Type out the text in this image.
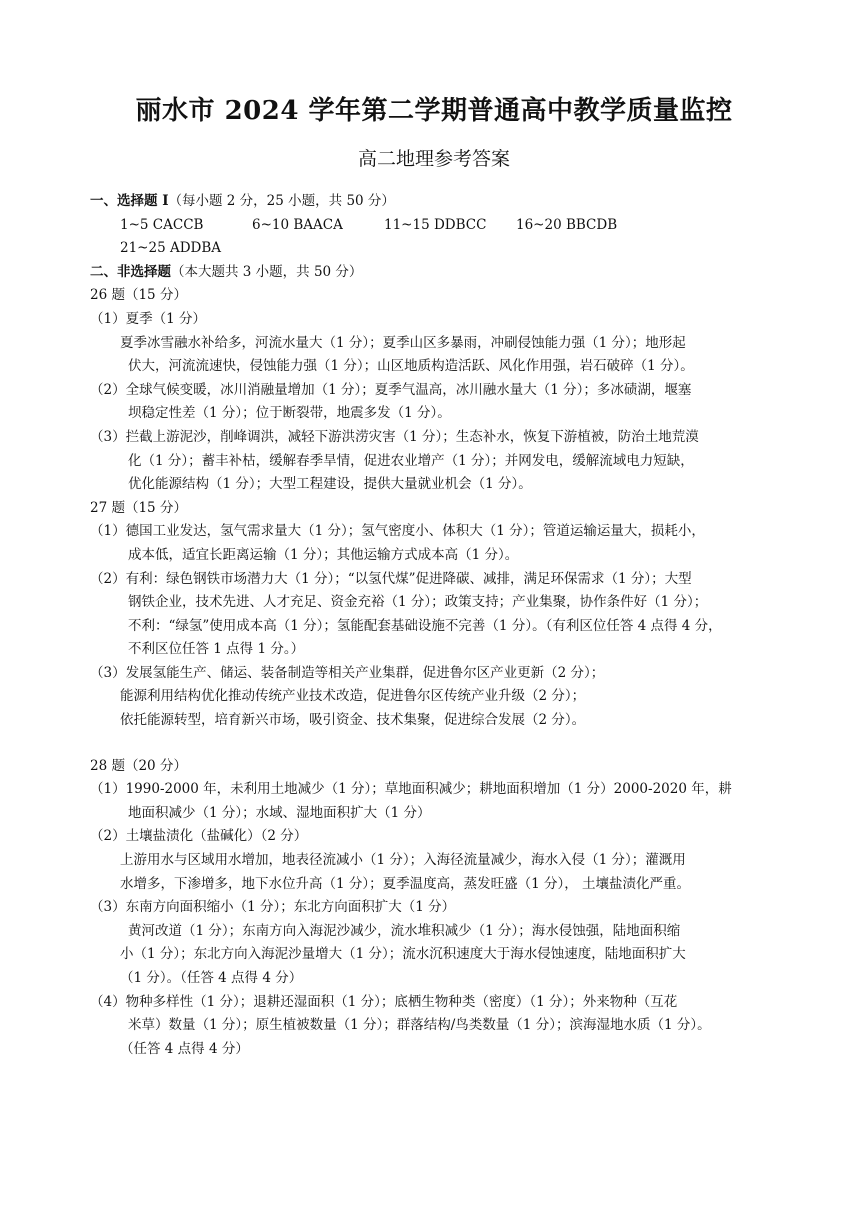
丽水市 2024 学年第二学期普通高中教学质量监控
高二地理参考答案
一、选择题 I（每小题 2 分，25 小题，共 50 分）
1~5 CACCB	6~10 BAACA	11~15 DDBCC	16~20 BBCDB
21~25 ADDBA
二、非选择题（本大题共 3 小题，共 50 分）
26 题（15 分）
（1）夏季（1 分）
夏季冰雪融水补给多，河流水量大（1 分）；夏季山区多暴雨，冲刷侵蚀能力强（1 分）；地形起
伏大，河流流速快，侵蚀能力强（1 分）；山区地质构造活跃、风化作用强，岩石破碎（1 分）。
（2）全球气候变暖，冰川消融量增加（1 分）；夏季气温高，冰川融水量大（1 分）；多冰碛湖，堰塞
坝稳定性差（1 分）；位于断裂带，地震多发（1 分）。
（3）拦截上游泥沙，削峰调洪，减轻下游洪涝灾害（1 分）；生态补水，恢复下游植被，防治土地荒漠
化（1 分）；蓄丰补枯，缓解春季旱情，促进农业增产（1 分）；并网发电，缓解流域电力短缺，
优化能源结构（1 分）；大型工程建设，提供大量就业机会（1 分）。
27 题（15 分）
（1）德国工业发达，氢气需求量大（1 分）；氢气密度小、体积大（1 分）；管道运输运量大，损耗小，
成本低，适宜长距离运输（1 分）；其他运输方式成本高（1 分）。
（2）有利：绿色钢铁市场潜力大（1 分）；“以氢代煤”促进降碳、减排，满足环保需求（1 分）；大型
钢铁企业，技术先进、人才充足、资金充裕（1 分）；政策支持；产业集聚，协作条件好（1 分）；
不利：“绿氢”使用成本高（1 分）；氢能配套基础设施不完善（1 分）。（有利区位任答 4 点得 4 分，
不利区位任答 1 点得 1 分。）
（3）发展氢能生产、储运、装备制造等相关产业集群，促进鲁尔区产业更新（2 分）；
能源利用结构优化推动传统产业技术改造，促进鲁尔区传统产业升级（2 分）；
依托能源转型，培育新兴市场，吸引资金、技术集聚，促进综合发展（2 分）。
28 题（20 分）
（1）1990-2000 年，未利用土地减少（1 分）；草地面积减少；耕地面积增加（1 分）2000-2020 年，耕
地面积减少（1 分）；水域、湿地面积扩大（1 分）
（2）土壤盐渍化（盐碱化）（2 分）
上游用水与区域用水增加，地表径流减小（1 分）；入海径流量减少，海水入侵（1 分）；灌溉用
水增多，下渗增多，地下水位升高（1 分）；夏季温度高，蒸发旺盛（1 分）， 土壤盐渍化严重。
（3）东南方向面积缩小（1 分）；东北方向面积扩大（1 分）
黄河改道（1 分）；东南方向入海泥沙减少，流水堆积减少（1 分）；海水侵蚀强，陆地面积缩
小（1 分）；东北方向入海泥沙量增大（1 分）；流水沉积速度大于海水侵蚀速度，陆地面积扩大
（1 分）。（任答 4 点得 4 分）
（4）物种多样性（1 分）；退耕还湿面积（1 分）；底栖生物种类（密度）（1 分）；外来物种（互花
米草）数量（1 分）；原生植被数量（1 分）；群落结构/鸟类数量（1 分）；滨海湿地水质（1 分）。
（任答 4 点得 4 分）
